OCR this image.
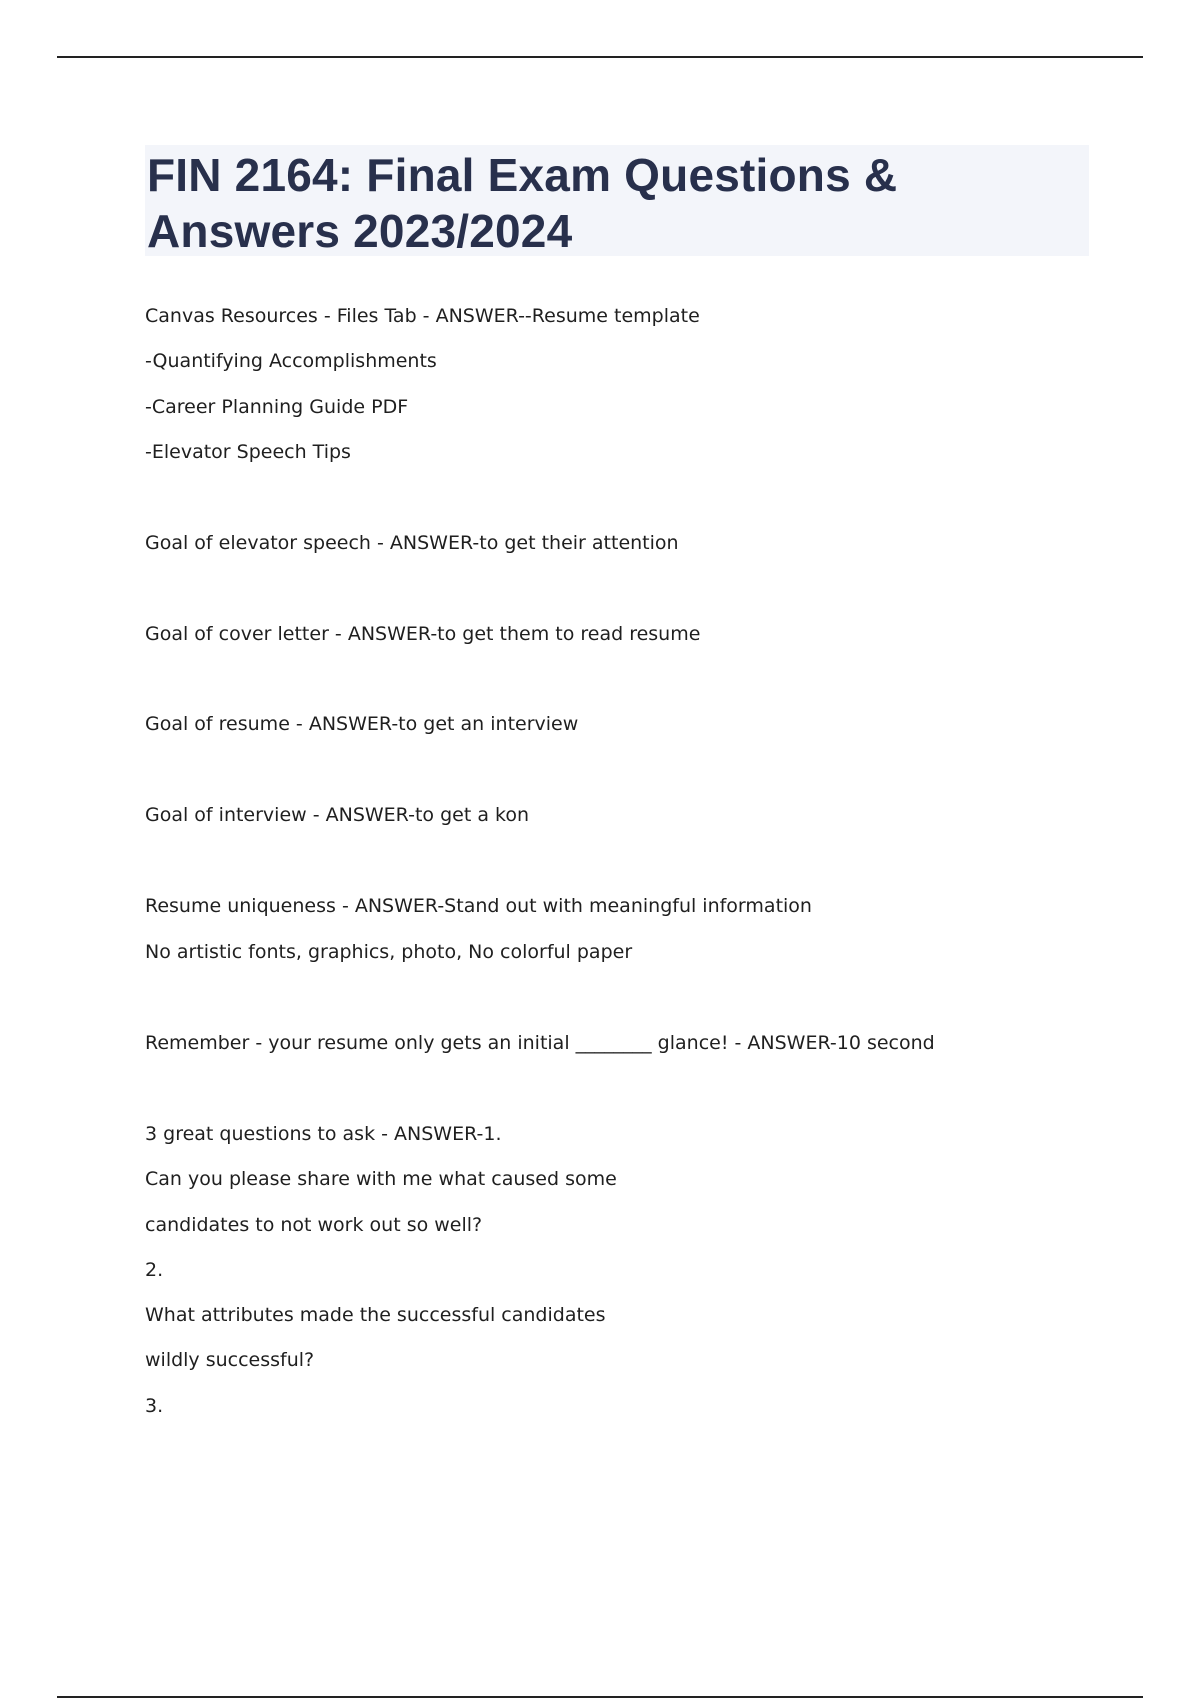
FIN 2164: Final Exam Questions & Answers 2023/2024
Canvas Resources - Files Tab - ANSWER--Resume template
-Quantifying Accomplishments
-Career Planning Guide PDF
-Elevator Speech Tips
Goal of elevator speech - ANSWER-to get their attention
Goal of cover letter - ANSWER-to get them to read resume
Goal of resume - ANSWER-to get an interview
Goal of interview - ANSWER-to get a kon
Resume uniqueness - ANSWER-Stand out with meaningful information
No artistic fonts, graphics, photo, No colorful paper
Remember - your resume only gets an initial ________ glance! - ANSWER-10 second
3 great questions to ask - ANSWER-1.
Can you please share with me what caused some
candidates to not work out so well?
2.
What attributes made the successful candidates
wildly successful?
3.
